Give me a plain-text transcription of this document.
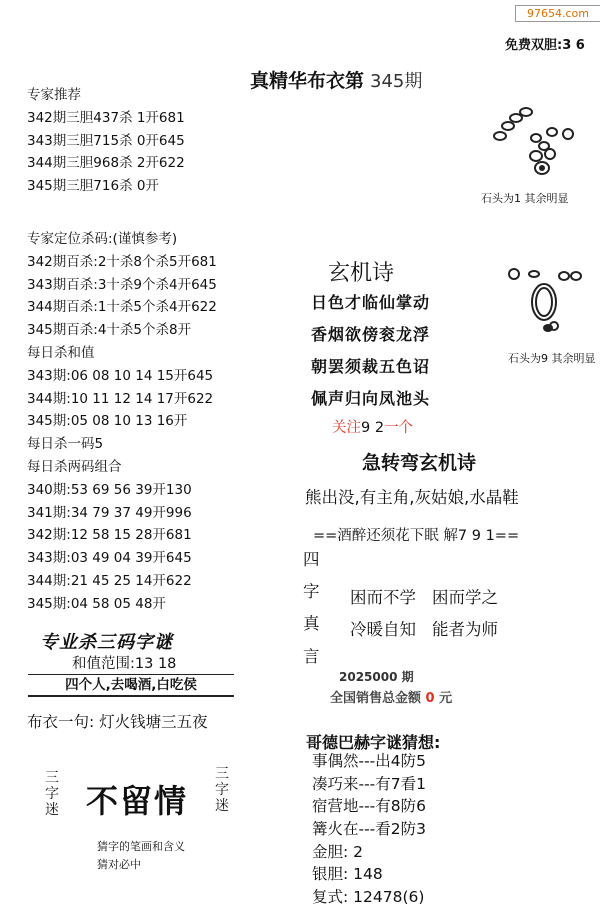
97654.com
免费双胆:3 6
真精华布衣第 345期
专家推荐
342期三胆437杀 1开681
343期三胆715杀 0开645
344期三胆968杀 2开622
345期三胆716杀 0开
专家定位杀码:(谨慎参考)
342期百杀:2十杀8个杀5开681
343期百杀:3十杀9个杀4开645
344期百杀:1十杀5个杀4开622
345期百杀:4十杀5个杀8开
每日杀和值
343期:06 08 10 14 15开645
344期:10 11 12 14 17开622
345期:05 08 10 13 16开
每日杀一码5
每日杀两码组合
340期:53 69 56 39开130
341期:34 79 37 49开996
342期:12 58 15 28开681
343期:03 49 04 39开645
344期:21 45 25 14开622
345期:04 58 05 48开
专业杀三码字谜
和值范围:13 18
四个人,去喝酒,白吃侯
布衣一句: 灯火钱塘三五夜
三字迷
三字迷
不留情
猜字的笔画和含义
猜对必中
石头为1 其余明显
石头为9 其余明显
玄机诗
日色才临仙掌动
香烟欲傍衮龙浮
朝罢须裁五色诏
佩声归向凤池头
关注9 2一个
急转弯玄机诗
熊出没,有主角,灰姑娘,水晶鞋
==酒醉还须花下眠 解7 9 1==
四
字
真
言
困而不学 困而学之
冷暖自知 能者为师
2025000 期
全国销售总金额 0 元
哥德巴赫字谜猜想:
事偶然---出4防5
凑巧来---有7看1
宿营地---有8防6
篝火在---看2防3
金胆: 2
银胆: 148
复式: 12478(6)
